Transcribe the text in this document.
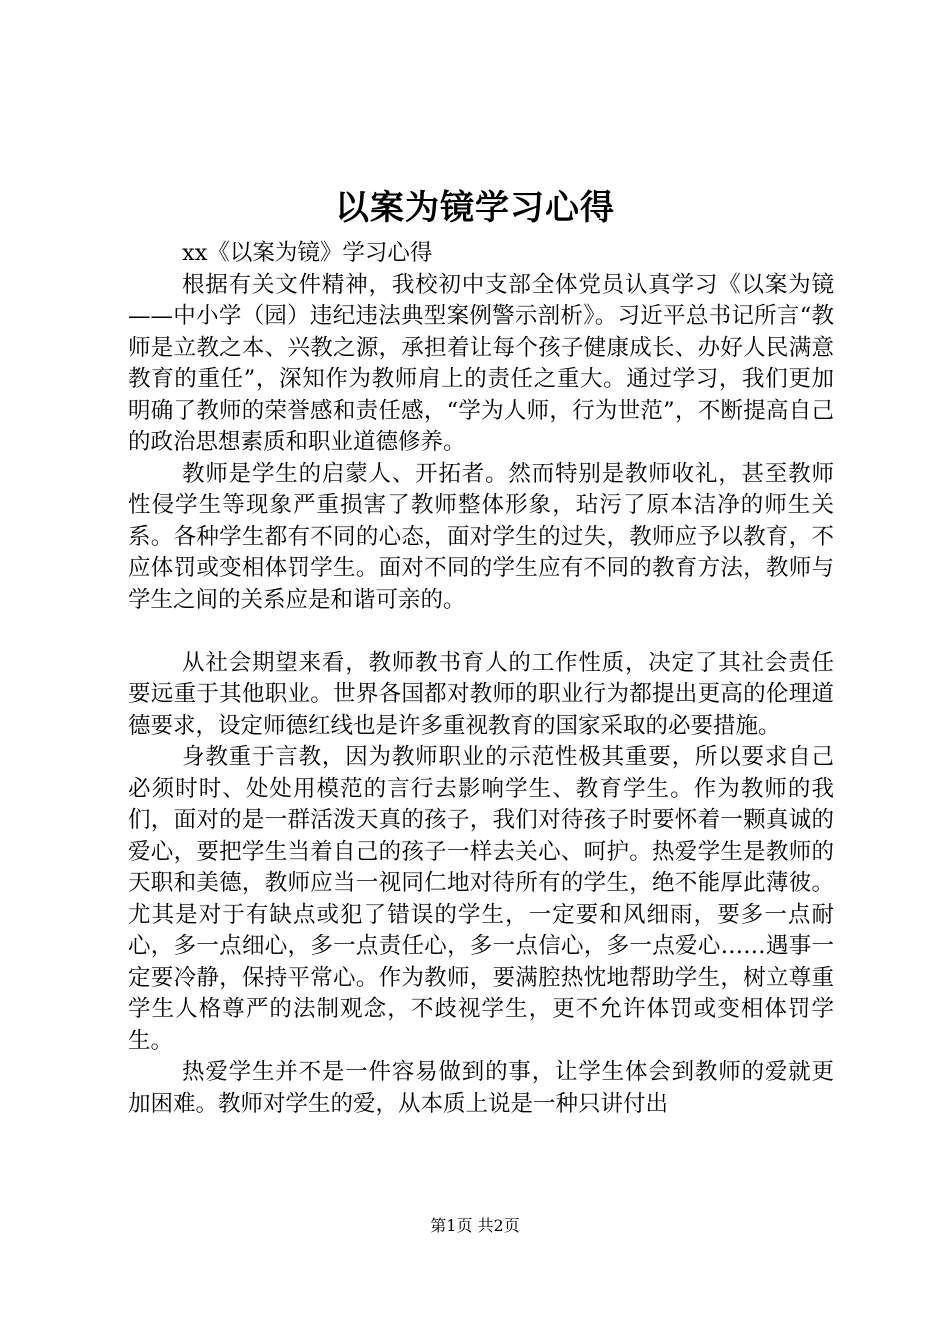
以案为镜学习心得

xx《以案为镜》学习心得

根据有关文件精神，我校初中支部全体党员认真学习《以案为镜——中小学（园）违纪违法典型案例警示剖析》。习近平总书记所言“教师是立教之本、兴教之源，承担着让每个孩子健康成长、办好人民满意教育的重任”，深知作为教师肩上的责任之重大。通过学习，我们更加明确了教师的荣誉感和责任感，“学为人师，行为世范”，不断提高自己的政治思想素质和职业道德修养。

教师是学生的启蒙人、开拓者。然而特别是教师收礼，甚至教师性侵学生等现象严重损害了教师整体形象，玷污了原本洁净的师生关系。各种学生都有不同的心态，面对学生的过失，教师应予以教育，不应体罚或变相体罚学生。面对不同的学生应有不同的教育方法，教师与学生之间的关系应是和谐可亲的。

从社会期望来看，教师教书育人的工作性质，决定了其社会责任要远重于其他职业。世界各国都对教师的职业行为都提出更高的伦理道德要求，设定师德红线也是许多重视教育的国家采取的必要措施。

身教重于言教，因为教师职业的示范性极其重要，所以要求自己必须时时、处处用模范的言行去影响学生、教育学生。作为教师的我们，面对的是一群活泼天真的孩子，我们对待孩子时要怀着一颗真诚的爱心，要把学生当着自己的孩子一样去关心、呵护。热爱学生是教师的天职和美德，教师应当一视同仁地对待所有的学生，绝不能厚此薄彼。尤其是对于有缺点或犯了错误的学生，一定要和风细雨，要多一点耐心，多一点细心，多一点责任心，多一点信心，多一点爱心……遇事一定要冷静，保持平常心。作为教师，要满腔热忱地帮助学生，树立尊重学生人格尊严的法制观念，不歧视学生，更不允许体罚或变相体罚学生。

热爱学生并不是一件容易做到的事，让学生体会到教师的爱就更加困难。教师对学生的爱，从本质上说是一种只讲付出

第1页 共2页
